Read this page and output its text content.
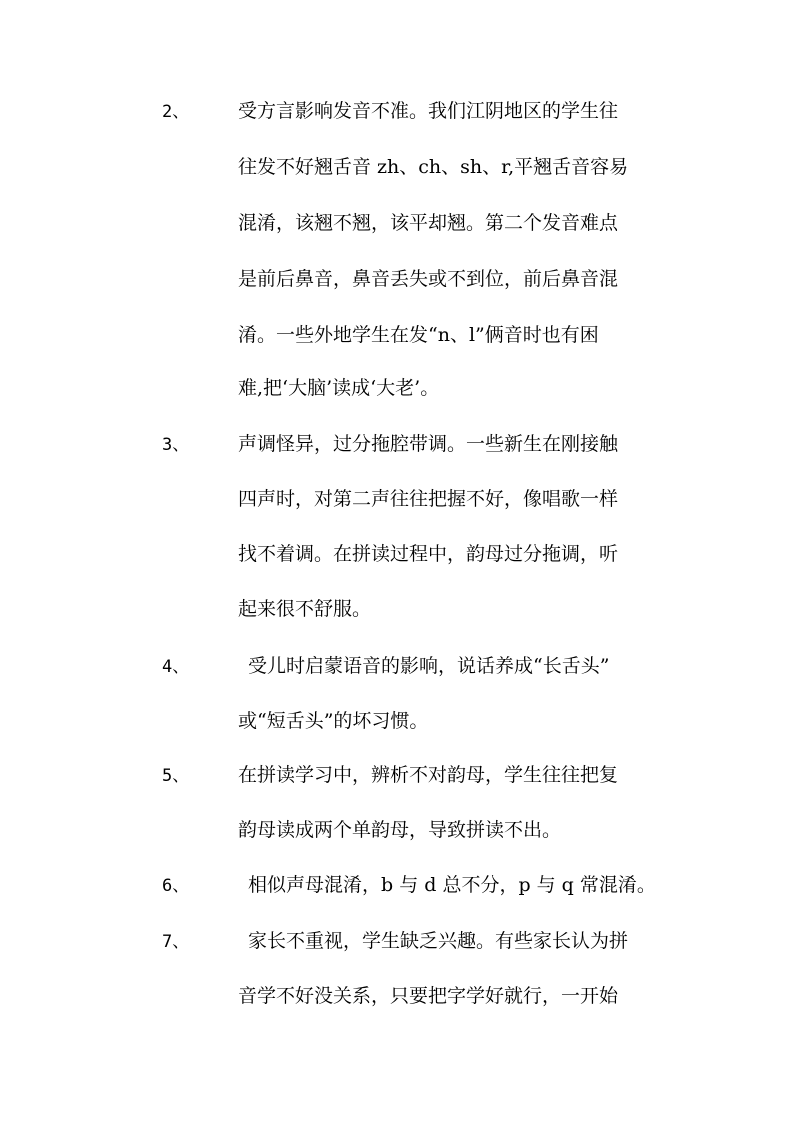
2、	受方言影响发音不准。我们江阴地区的学生往
往发不好翘舌音 zh、ch、sh、r,平翘舌音容易
混淆，该翘不翘，该平却翘。第二个发音难点
是前后鼻音，鼻音丢失或不到位，前后鼻音混
淆。一些外地学生在发“n、l”俩音时也有困
难,把‘大脑’读成‘大老’。
3、	声调怪异，过分拖腔带调。一些新生在刚接触
四声时，对第二声往往把握不好，像唱歌一样
找不着调。在拼读过程中，韵母过分拖调，听
起来很不舒服。
4、	受儿时启蒙语音的影响，说话养成“长舌头”
或“短舌头”的坏习惯。
5、	在拼读学习中，辨析不对韵母，学生往往把复
韵母读成两个单韵母，导致拼读不出。
6、	相似声母混淆，b 与 d 总不分，p 与 q 常混淆。
7、	家长不重视，学生缺乏兴趣。有些家长认为拼
音学不好没关系，只要把字学好就行，一开始
